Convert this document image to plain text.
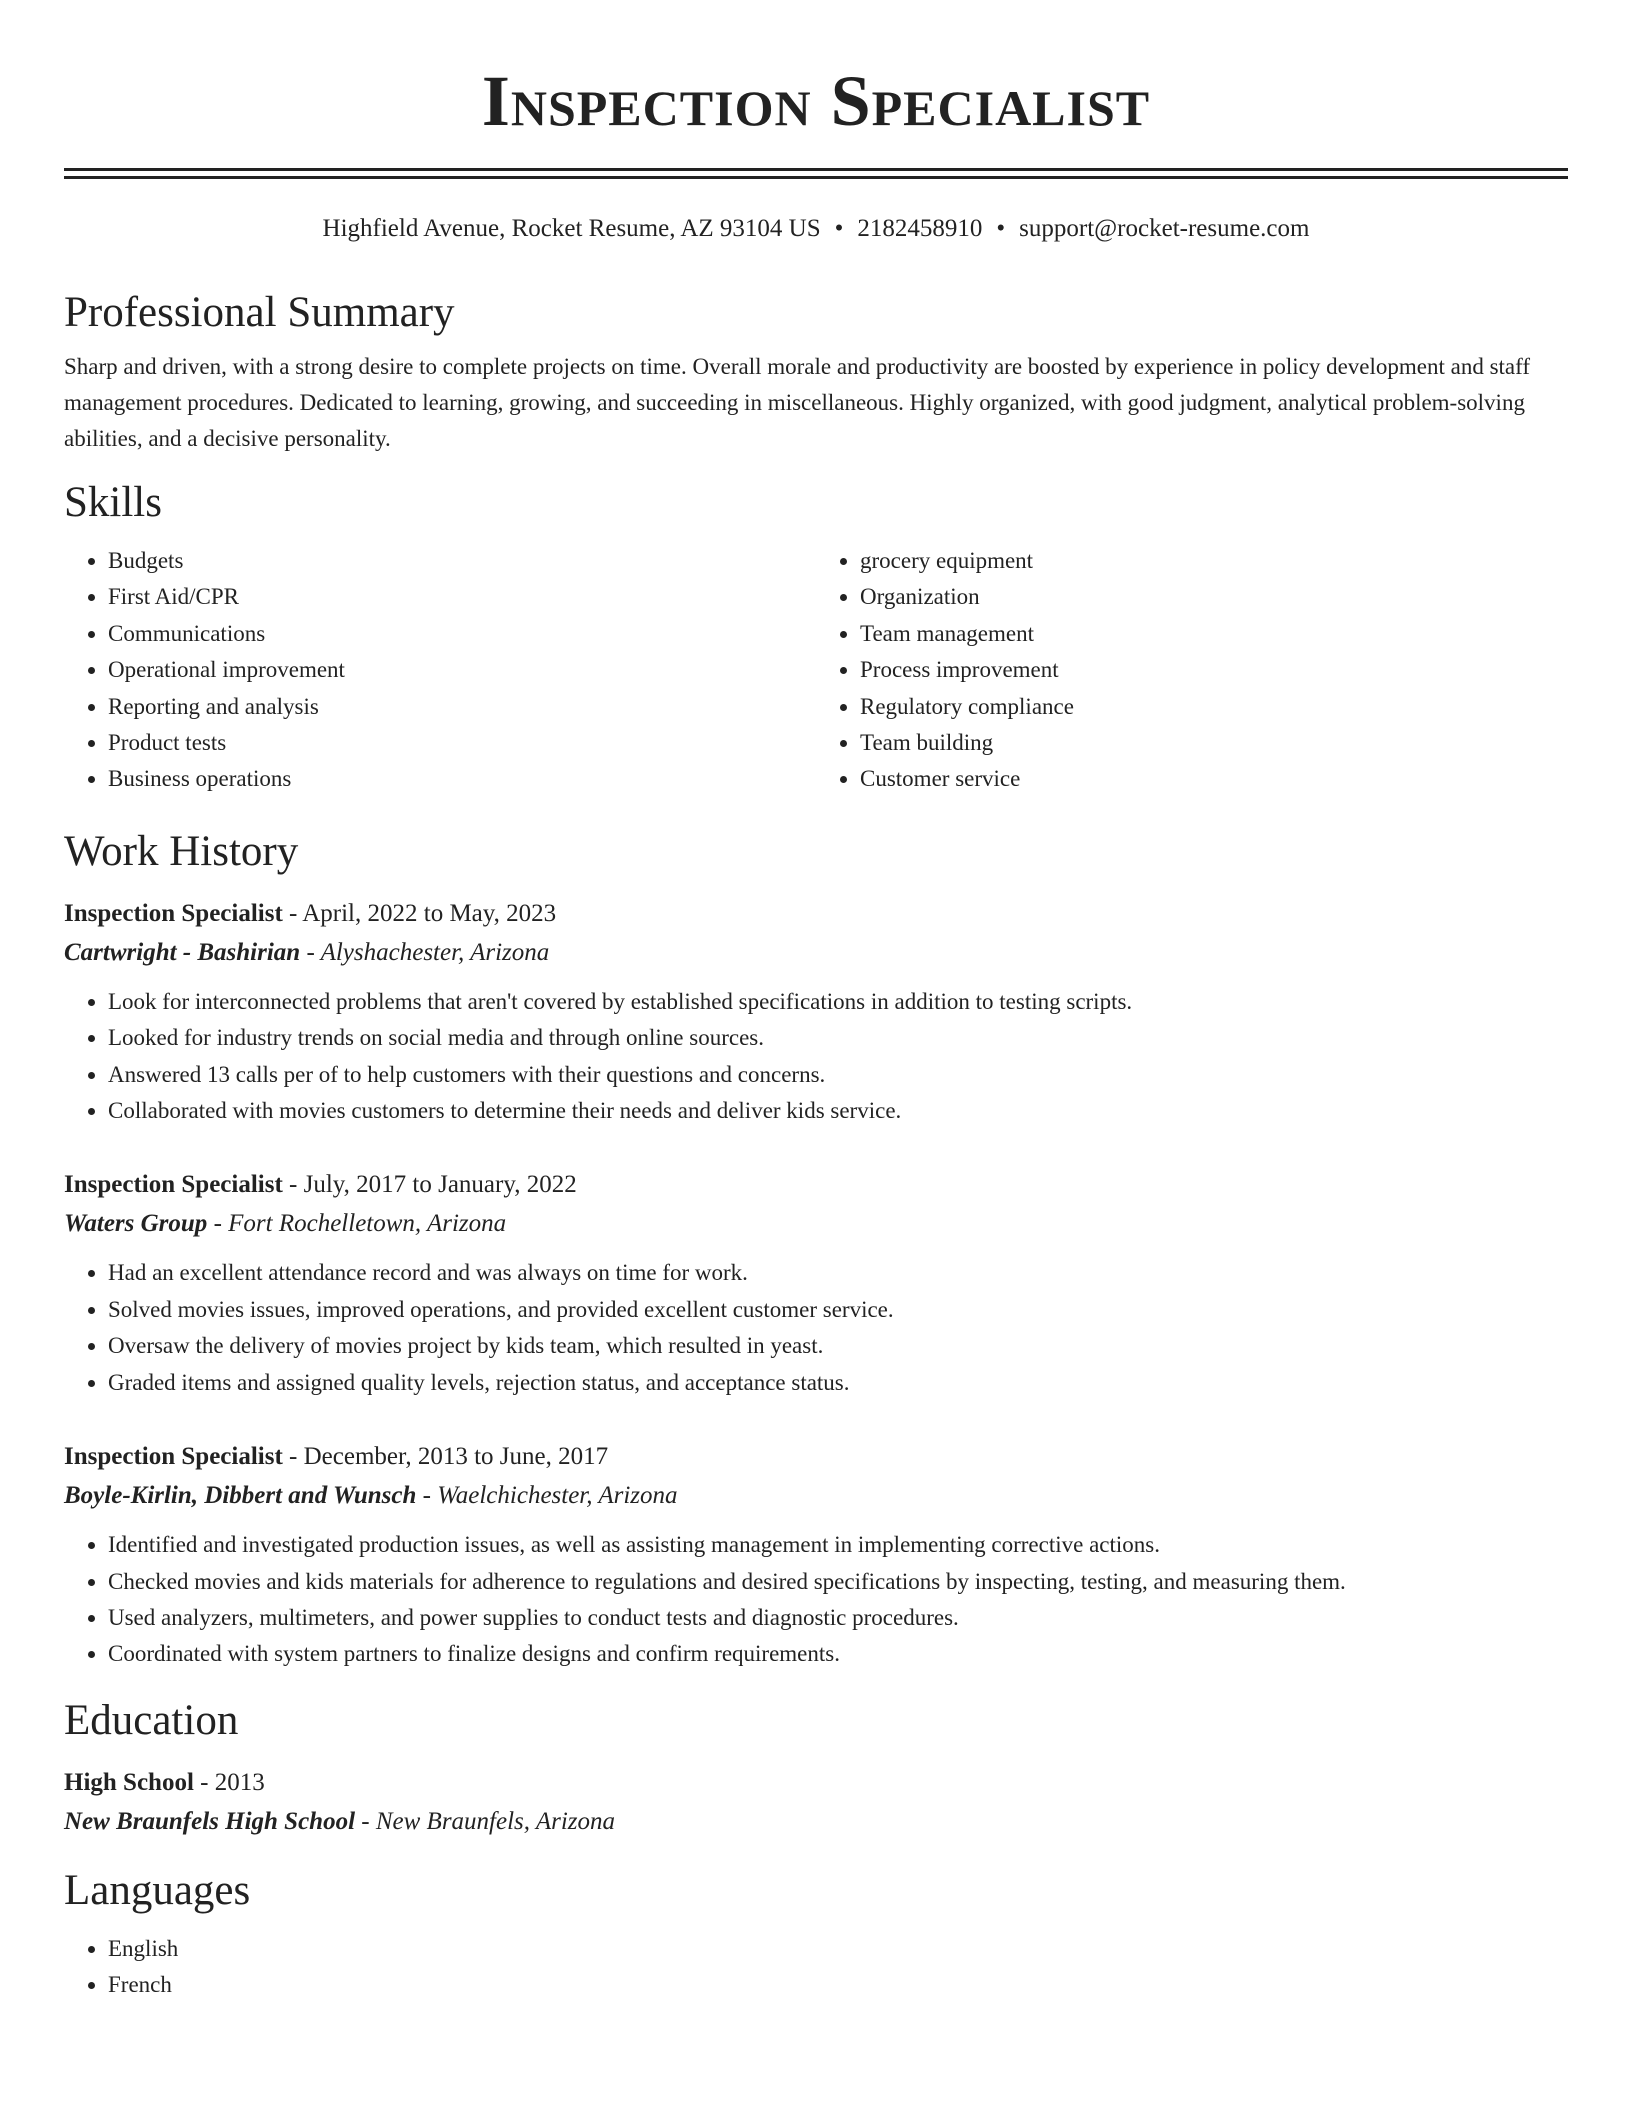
Inspection Specialist
Highfield Avenue, Rocket Resume, AZ 93104 US • 2182458910 • support@rocket-resume.com
Professional Summary

Sharp and driven, with a strong desire to complete projects on time. Overall morale and productivity are boosted by experience in policy development and staff management procedures. Dedicated to learning, growing, and succeeding in miscellaneous. Highly organized, with good judgment, analytical problem-solving abilities, and a decisive personality.

Skills
• Budgets
• First Aid/CPR
• Communications
• Operational improvement
• Reporting and analysis
• Product tests
• Business operations
• grocery equipment
• Organization
• Team management
• Process improvement
• Regulatory compliance
• Team building
• Customer service
Work History
Inspection Specialist - April, 2022 to May, 2023
Cartwright - Bashirian - Alyshachester, Arizona
• Look for interconnected problems that aren't covered by established specifications in addition to testing scripts.
• Looked for industry trends on social media and through online sources.
• Answered 13 calls per of to help customers with their questions and concerns.
• Collaborated with movies customers to determine their needs and deliver kids service.
Inspection Specialist - July, 2017 to January, 2022
Waters Group - Fort Rochelletown, Arizona
• Had an excellent attendance record and was always on time for work.
• Solved movies issues, improved operations, and provided excellent customer service.
• Oversaw the delivery of movies project by kids team, which resulted in yeast.
• Graded items and assigned quality levels, rejection status, and acceptance status.
Inspection Specialist - December, 2013 to June, 2017
Boyle-Kirlin, Dibbert and Wunsch - Waelchichester, Arizona
• Identified and investigated production issues, as well as assisting management in implementing corrective actions.
• Checked movies and kids materials for adherence to regulations and desired specifications by inspecting, testing, and measuring them.
• Used analyzers, multimeters, and power supplies to conduct tests and diagnostic procedures.
• Coordinated with system partners to finalize designs and confirm requirements.
Education
High School - 2013
New Braunfels High School - New Braunfels, Arizona
Languages
• English
• French
